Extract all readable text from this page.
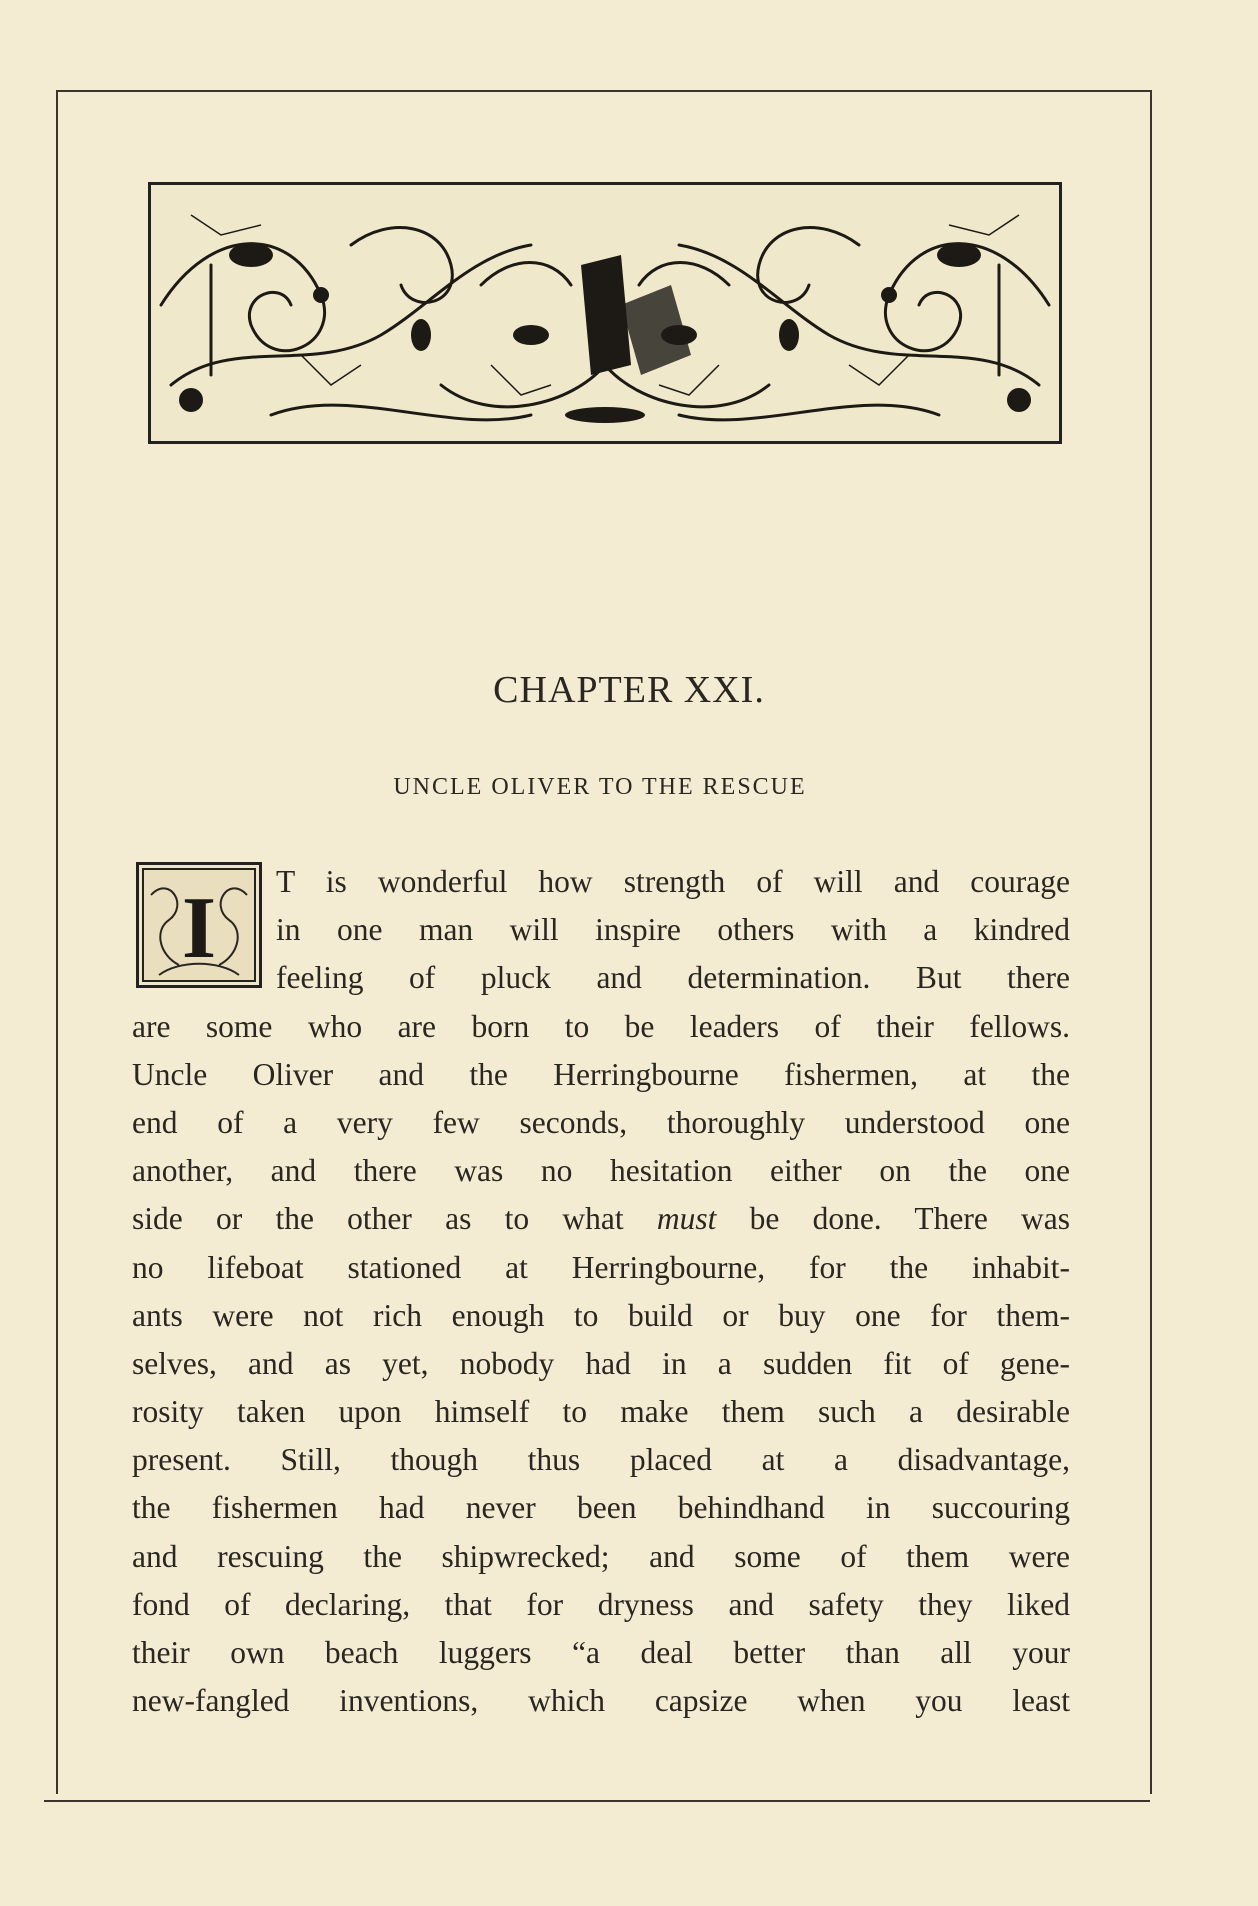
CHAPTER XXI.
UNCLE OLIVER TO THE RESCUE
I	T is wonderful how strength of will and courage
in one man will inspire others with a kindred
feeling of pluck and determination. But there
are some who are born to be leaders of their fellows.
Uncle Oliver and the Herringbourne fishermen, at the
end of a very few seconds, thoroughly understood one
another, and there was no hesitation either on the one
side or the other as to what must be done. There was
no lifeboat stationed at Herringbourne, for the inhabit-
ants were not rich enough to build or buy one for them-
selves, and as yet, nobody had in a sudden fit of gene-
rosity taken upon himself to make them such a desirable
present. Still, though thus placed at a disadvantage,
the fishermen had never been behindhand in succouring
and rescuing the shipwrecked; and some of them were
fond of declaring, that for dryness and safety they liked
their own beach luggers “a deal better than all your
new-fangled inventions, which capsize when you least
